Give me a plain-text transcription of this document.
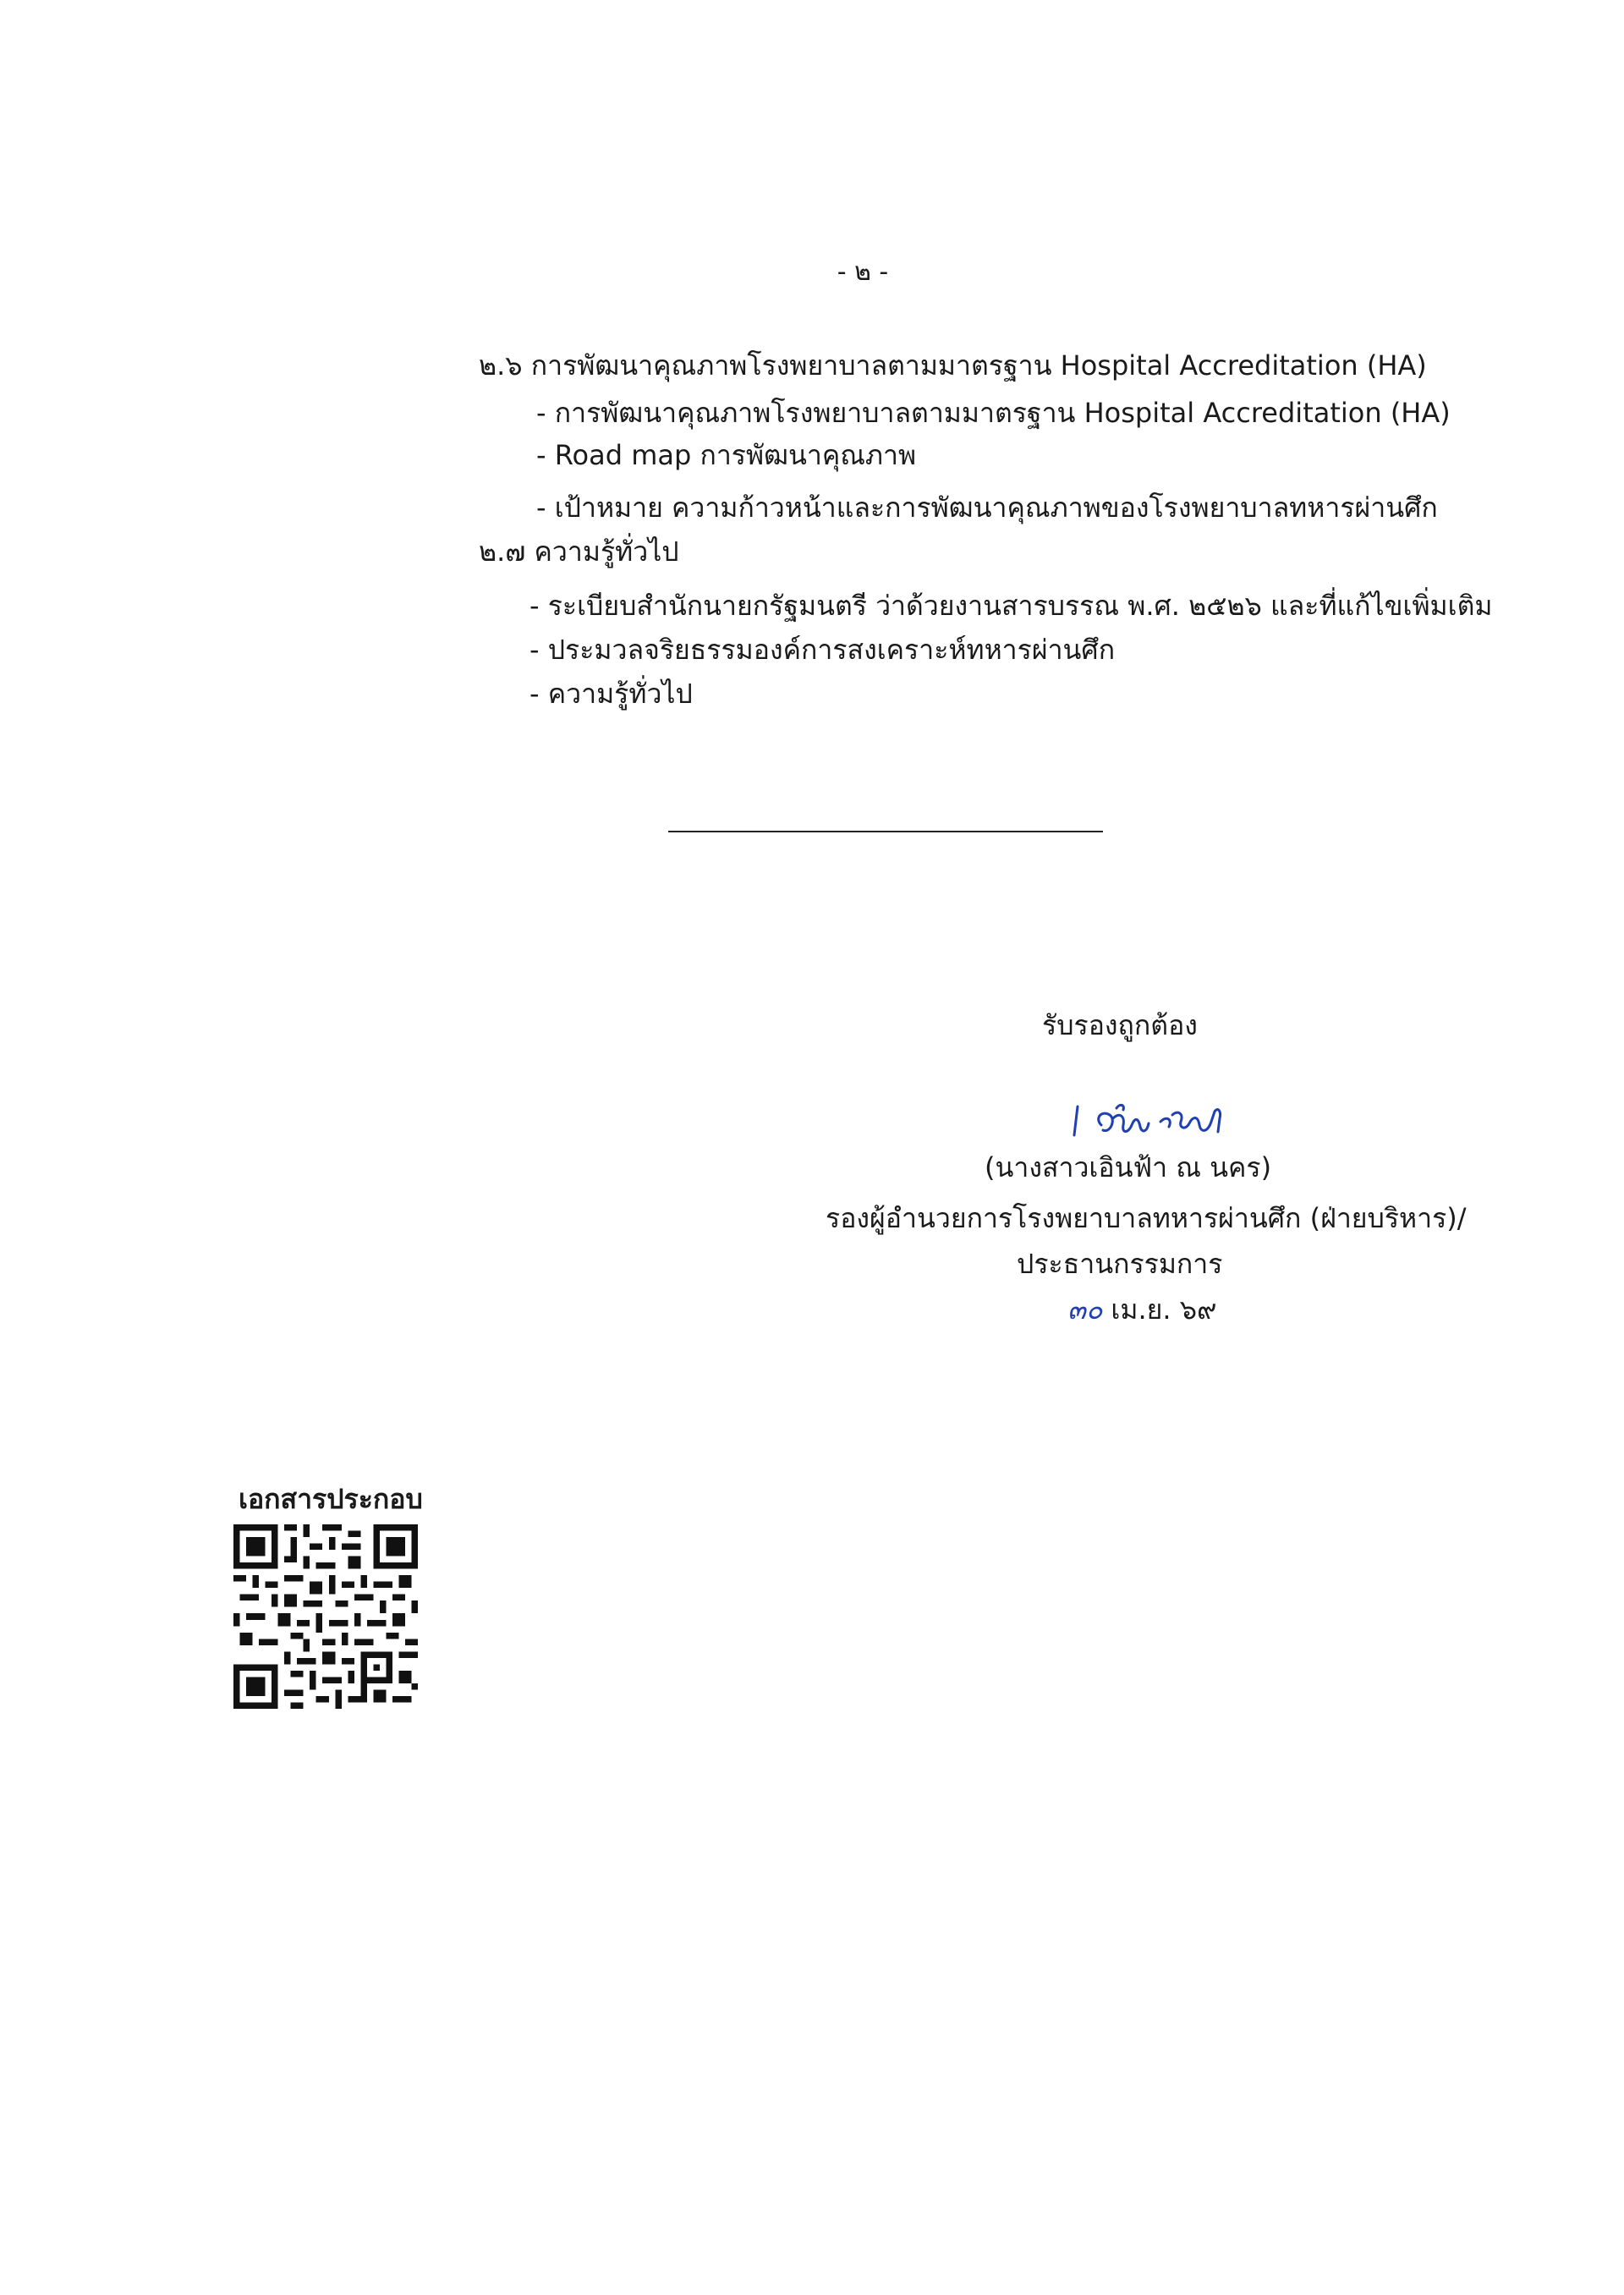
- ๒ -
๒.๖ การพัฒนาคุณภาพโรงพยาบาลตามมาตรฐาน Hospital Accreditation (HA)
- การพัฒนาคุณภาพโรงพยาบาลตามมาตรฐาน Hospital Accreditation (HA)
- Road map การพัฒนาคุณภาพ
- เป้าหมาย ความก้าวหน้าและการพัฒนาคุณภาพของโรงพยาบาลทหารผ่านศึก
๒.๗ ความรู้ทั่วไป
- ระเบียบสำนักนายกรัฐมนตรี ว่าด้วยงานสารบรรณ พ.ศ. ๒๕๒๖ และที่แก้ไขเพิ่มเติม
- ประมวลจริยธรรมองค์การสงเคราะห์ทหารผ่านศึก
- ความรู้ทั่วไป
รับรองถูกต้อง
(นางสาวเอินฟ้า ณ นคร)
รองผู้อำนวยการโรงพยาบาลทหารผ่านศึก (ฝ่ายบริหาร)/
ประธานกรรมการ
๓๐ เม.ย. ๖๙
เอกสารประกอบ
